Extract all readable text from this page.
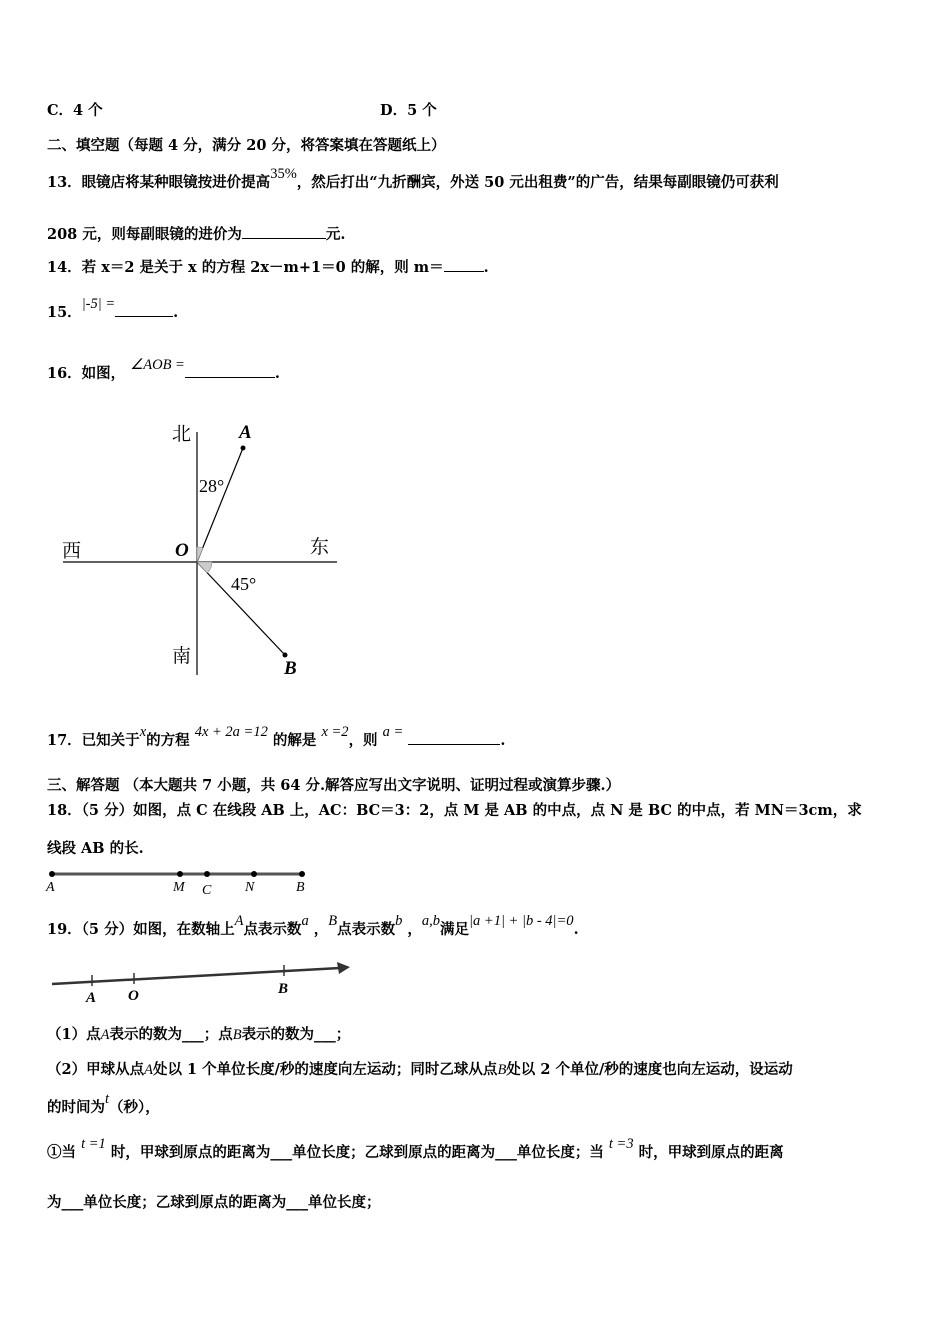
C．4 个	D．5 个
二、填空题（每题 4 分，满分 20 分，将答案填在答题纸上）
13．眼镜店将某种眼镜按进价提高35%，然后打出“九折酬宾，外送 50 元出租费”的广告，结果每副眼镜仍可获利
208 元，则每副眼镜的进价为	元.
14．若 x＝2 是关于 x 的方程 2x－m+1＝0 的解，则 m＝	.
15．|-5| =	.
16．如图， ∠AOB =	.
北
南
西	东
O
A
B
28°
45°
17．已知关于x的方程 4x + 2a =12 的解是 x =2，则 a =	.
三、解答题 （本大题共 7 小题，共 64 分.解答应写出文字说明、证明过程或演算步骤.）
18．（5 分）如图，点 C 在线段 AB 上，AC：BC＝3：2，点 M 是 AB 的中点，点 N 是 BC 的中点，若 MN＝3cm，求
线段 AB 的长.
A	M C N	B
19．（5 分）如图，在数轴上A点表示数a ，B点表示数b ，a,b满足|a +1| + |b - 4|=0.
A O	B
（1）点A表示的数为___；点B表示的数为___；
（2）甲球从点A处以 1 个单位长度/秒的速度向左运动；同时乙球从点B处以 2 个单位/秒的速度也向左运动，设运动
的时间为t（秒），
①当 t =1 时，甲球到原点的距离为___单位长度；乙球到原点的距离为___单位长度；当 t =3 时，甲球到原点的距离
为___单位长度；乙球到原点的距离为___单位长度；
